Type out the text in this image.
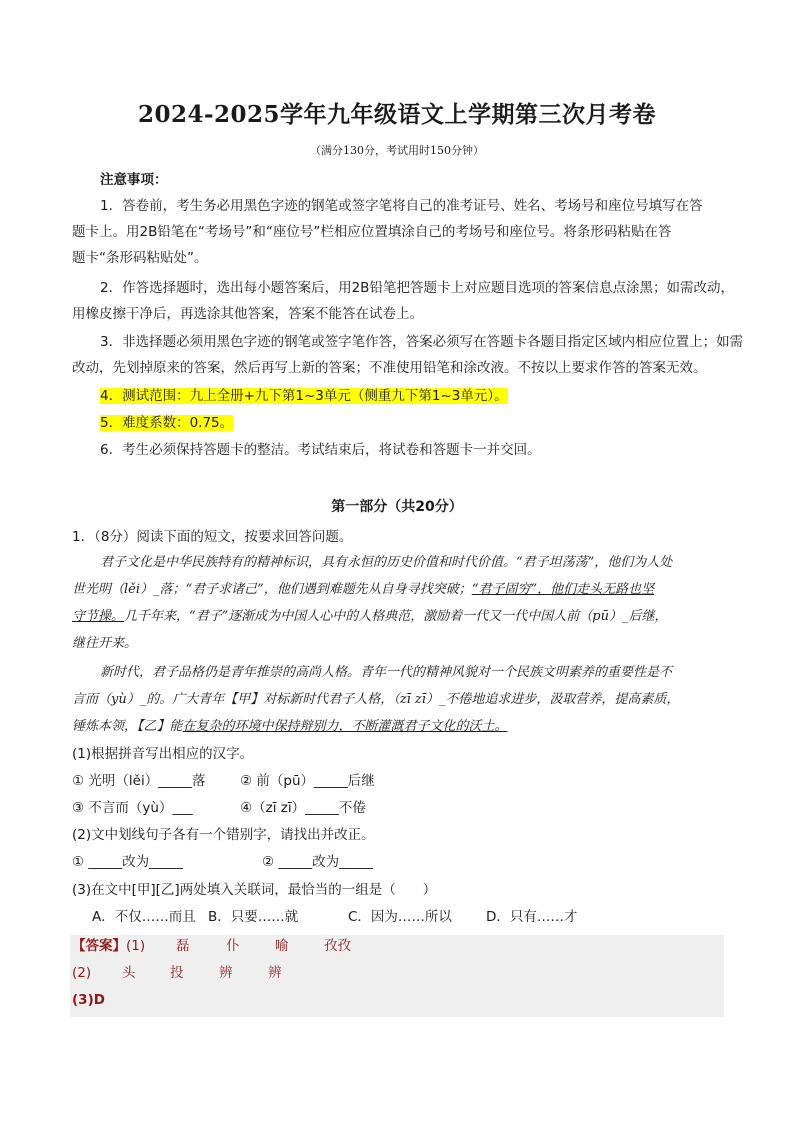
2024-2025学年九年级语文上学期第三次月考卷
（满分130分，考试用时150分钟）
注意事项：
1．答卷前，考生务必用黑色字迹的钢笔或签字笔将自己的准考证号、姓名、考场号和座位号填写在答
题卡上。用2B铅笔在“考场号”和“座位号”栏相应位置填涂自己的考场号和座位号。将条形码粘贴在答
题卡“条形码粘贴处”。
2．作答选择题时，选出每小题答案后，用2B铅笔把答题卡上对应题目选项的答案信息点涂黑；如需改动，
用橡皮擦干净后，再选涂其他答案，答案不能答在试卷上。
3．非选择题必须用黑色字迹的钢笔或签字笔作答，答案必须写在答题卡各题目指定区域内相应位置上；如需
改动，先划掉原来的答案，然后再写上新的答案；不准使用铅笔和涂改液。不按以上要求作答的答案无效。
4．测试范围：九上全册+九下第1~3单元（侧重九下第1~3单元）。
5．难度系数：0.75。
6．考生必须保持答题卡的整洁。考试结束后，将试卷和答题卡一并交回。
第一部分（共20分）
1．（8分）阅读下面的短文，按要求回答问题。
君子文化是中华民族特有的精神标识，具有永恒的历史价值和时代价值。“君子坦荡荡”，他们为人处
世光明（lěi）_落；“君子求诸己”，他们遇到难题先从自身寻找突破；“君子固穷”，他们走头无路也坚
守节操。几千年来，“君子”逐渐成为中国人心中的人格典范，激励着一代又一代中国人前（pū）_后继，
继往开来。
新时代，君子品格仍是青年推崇的高尚人格。青年一代的精神风貌对一个民族文明素养的重要性是不
言而（yù）_的。广大青年【甲】对标新时代君子人格，（zī zī）_不倦地追求进步，汲取营养，提高素质，
锤炼本领，【乙】能在复杂的环境中保持辩别力，不断灌溉君子文化的沃土。
(1)根据拼音写出相应的汉字。
① 光明（lěi）_____落	② 前（pū）_____后继
③ 不言而（yù）___	④（zī zī）_____不倦
(2)文中划线句子各有一个错别字，请找出并改正。
① _____改为_____	② _____改为_____
(3)在文中[甲][乙]两处填入关联词，最恰当的一组是（　　）
A．不仅……而且 B．只要……就	C．因为……所以	D．只有……才
【答案】(1) 磊	仆	喻	孜孜
(2) 头	投	辨	辨
(3)D
